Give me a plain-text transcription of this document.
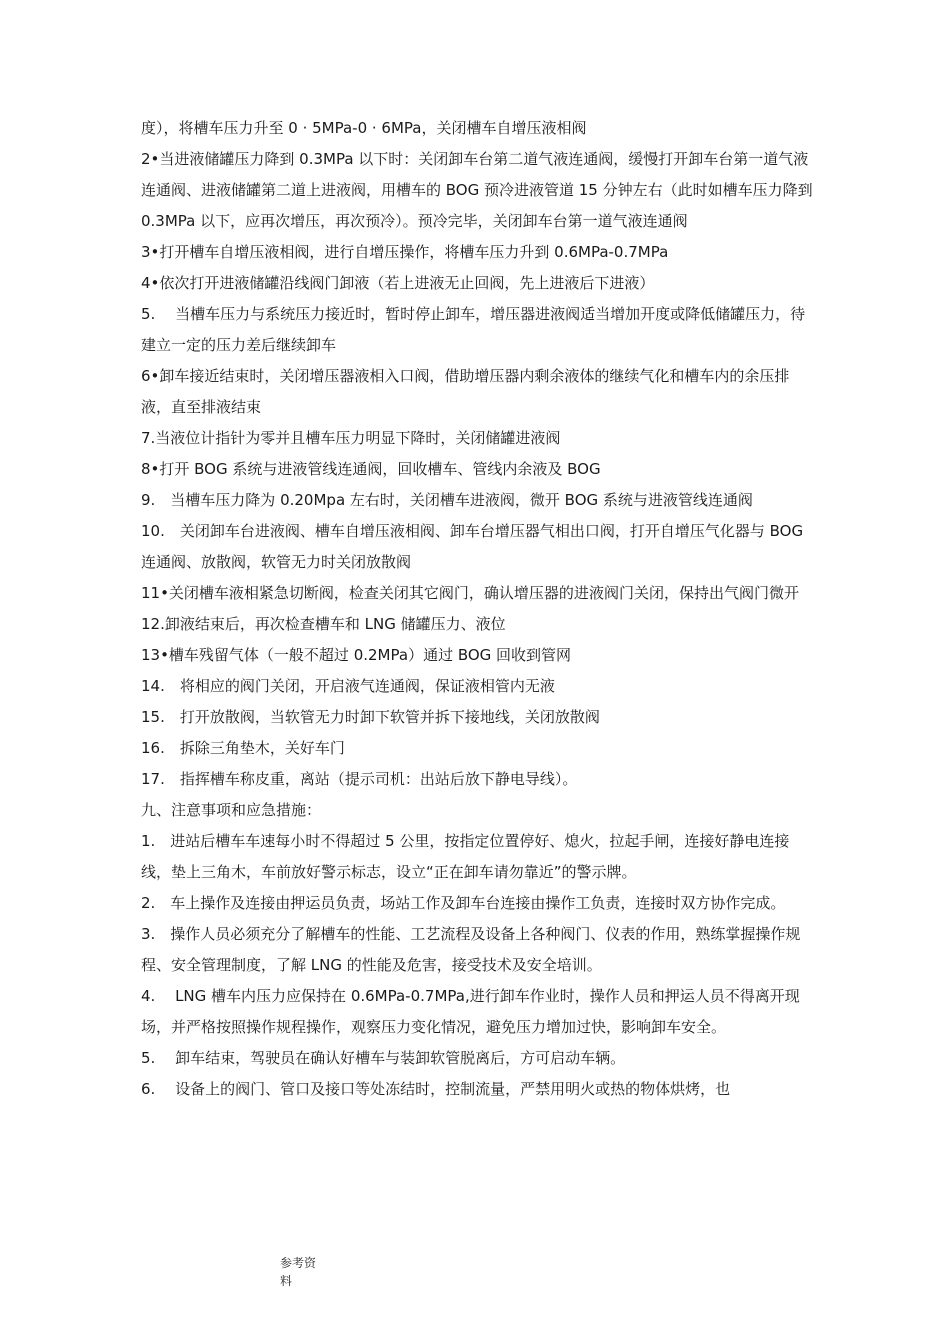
度），将槽车压力升至 0 · 5MPa-0 · 6MPa，关闭槽车自增压液相阀

2•当进液储罐压力降到 0.3MPa 以下时：关闭卸车台第二道气液连通阀，缓慢打开卸车台第一道气液连通阀、进液储罐第二道上进液阀，用槽车的 BOG 预冷进液管道 15 分钟左右（此时如槽车压力降到 0.3MPa 以下，应再次增压，再次预冷）。预冷完毕，关闭卸车台第一道气液连通阀

3•打开槽车自增压液相阀，进行自增压操作，将槽车压力升到 0.6MPa-0.7MPa

4•依次打开进液储罐沿线阀门卸液（若上进液无止回阀，先上进液后下进液）

5.　 当槽车压力与系统压力接近时，暂时停止卸车，增压器进液阀适当增加开度或降低储罐压力，待建立一定的压力差后继续卸车

6•卸车接近结束时，关闭增压器液相入口阀，借助增压器内剩余液体的继续气化和槽车内的余压排液，直至排液结束

7.当液位计指针为零并且槽车压力明显下降时，关闭储罐进液阀

8•打开 BOG 系统与进液管线连通阀，回收槽车、管线内余液及 BOG

9.　当槽车压力降为 0.20Mpa 左右时，关闭槽车进液阀，微开 BOG 系统与进液管线连通阀

10.　关闭卸车台进液阀、槽车自增压液相阀、卸车台增压器气相出口阀，打开自增压气化器与 BOG 连通阀、放散阀，软管无力时关闭放散阀

11•关闭槽车液相紧急切断阀，检查关闭其它阀门，确认增压器的进液阀门关闭，保持出气阀门微开

12.卸液结束后，再次检查槽车和 LNG 储罐压力、液位

13•槽车残留气体（一般不超过 0.2MPa）通过 BOG 回收到管网

14.　将相应的阀门关闭，开启液气连通阀，保证液相管内无液

15.　打开放散阀，当软管无力时卸下软管并拆下接地线，关闭放散阀

16.　拆除三角垫木，关好车门

17.　指挥槽车称皮重，离站（提示司机：出站后放下静电导线）。

九、注意事项和应急措施：

1.　进站后槽车车速每小时不得超过 5 公里，按指定位置停好、熄火，拉起手闸，连接好静电连接线，垫上三角木，车前放好警示标志，设立“正在卸车请勿靠近”的警示牌。

2.　车上操作及连接由押运员负责，场站工作及卸车台连接由操作工负责，连接时双方协作完成。

3.　操作人员必须充分了解槽车的性能、工艺流程及设备上各种阀门、仪表的作用，熟练掌握操作规程、安全管理制度，了解 LNG 的性能及危害，接受技术及安全培训。

4.　 LNG 槽车内压力应保持在 0.6MPa-0.7MPa,进行卸车作业时，操作人员和押运人员不得离开现场，并严格按照操作规程操作，观察压力变化情况，避免压力增加过快，影响卸车安全。

5.　 卸车结束，驾驶员在确认好槽车与装卸软管脱离后，方可启动车辆。

6.　 设备上的阀门、管口及接口等处冻结时，控制流量，严禁用明火或热的物体烘烤，也

参考资料
